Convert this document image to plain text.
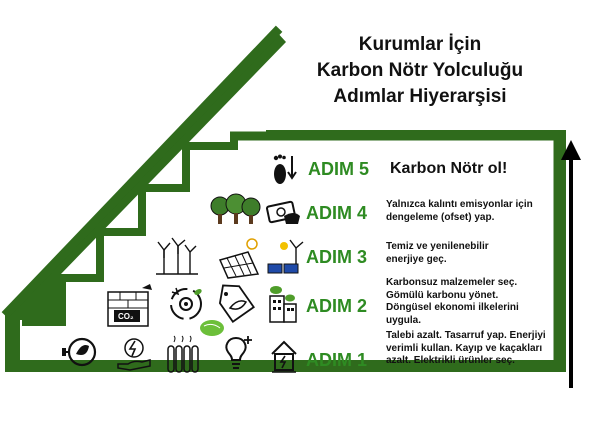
CO₂
Kurumlar İçin
Karbon Nötr Yolculuğu
Adımlar Hiyerarşisi
ADIM 5 Karbon Nötr ol!
ADIM 4 Yalnızca kalıntı emisyonlar için dengeleme (ofset) yap.
ADIM 3
Temiz ve yenilenebilir enerjiye geç.
ADIM 2
Karbonsuz malzemeler seç. Gömülü karbonu yönet. Döngüsel ekonomi ilkelerini uygula.
ADIM 1
Talebi azalt. Tasarruf yap. Enerjiyi verimli kullan. Kayıp ve kaçakları azalt. Elektrikli ürünler seç.
